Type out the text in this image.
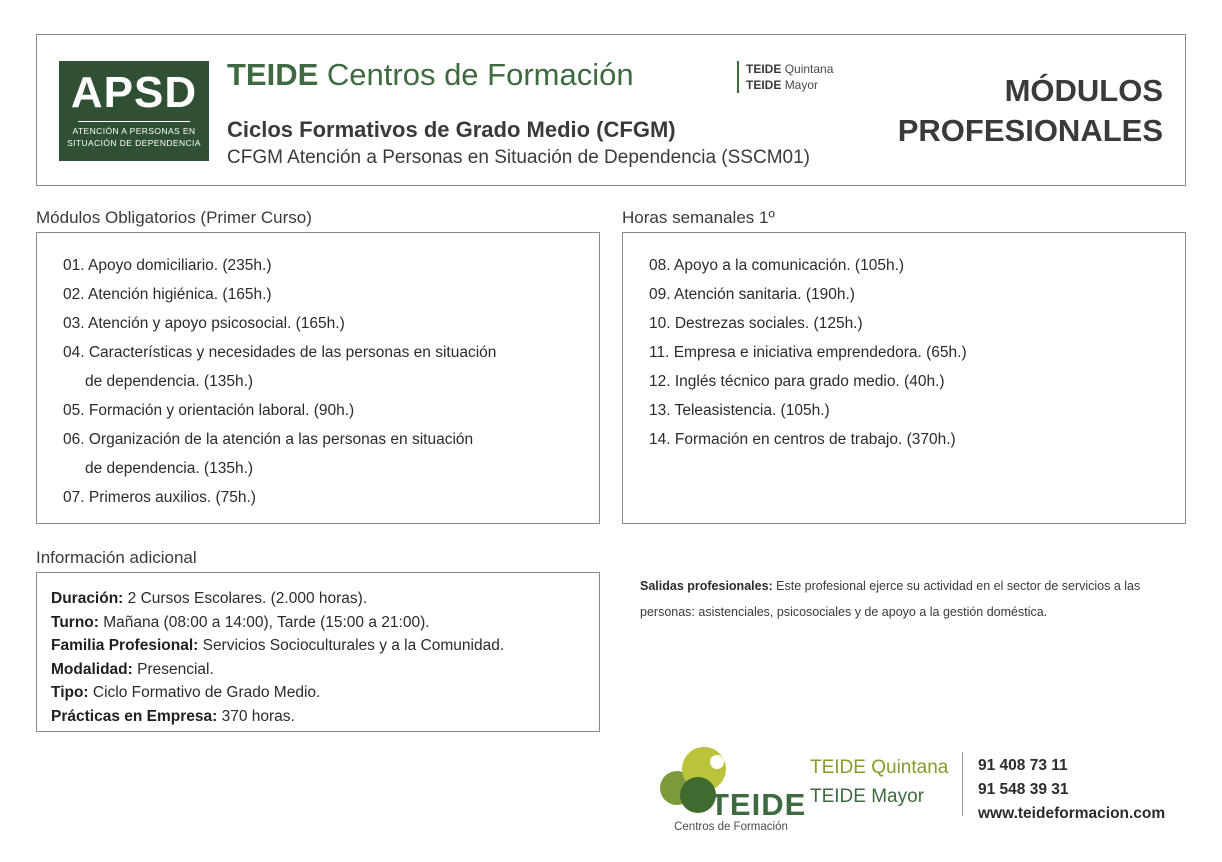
APSD
ATENCIÓN A PERSONAS EN
SITUACIÓN DE DEPENDENCIA
TEIDE Centros de Formación
Ciclos Formativos de Grado Medio (CFGM)
CFGM Atención a Personas en Situación de Dependencia (SSCM01)
TEIDE Quintana
TEIDE Mayor	MÓDULOS
PROFESIONALES
Módulos Obligatorios (Primer Curso)	Horas semanales 1º
Información adicional
01. Apoyo domiciliario. (235h.)
02. Atención higiénica. (165h.)
03. Atención y apoyo psicosocial. (165h.)
04. Características y necesidades de las personas en situación
de dependencia. (135h.)
05. Formación y orientación laboral. (90h.)
06. Organización de la atención a las personas en situación
de dependencia. (135h.)
07. Primeros auxilios. (75h.)
08. Apoyo a la comunicación. (105h.)
09. Atención sanitaria. (190h.)
10. Destrezas sociales. (125h.)
11. Empresa e iniciativa emprendedora. (65h.)
12. Inglés técnico para grado medio. (40h.)
13. Teleasistencia. (105h.)
14. Formación en centros de trabajo. (370h.)
Duración: 2 Cursos Escolares. (2.000 horas).
Turno: Mañana (08:00 a 14:00), Tarde (15:00 a 21:00).
Familia Profesional: Servicios Socioculturales y a la Comunidad.
Modalidad: Presencial.
Tipo: Ciclo Formativo de Grado Medio.
Prácticas en Empresa: 370 horas.
Salidas profesionales: Este profesional ejerce su actividad en el sector de servicios a las personas: asistenciales, psicosociales y de apoyo a la gestión doméstica.
TEIDE
Centros de Formación
TEIDE Quintana
TEIDE Mayor
91 408 73 11
91 548 39 31
www.teideformacion.com
